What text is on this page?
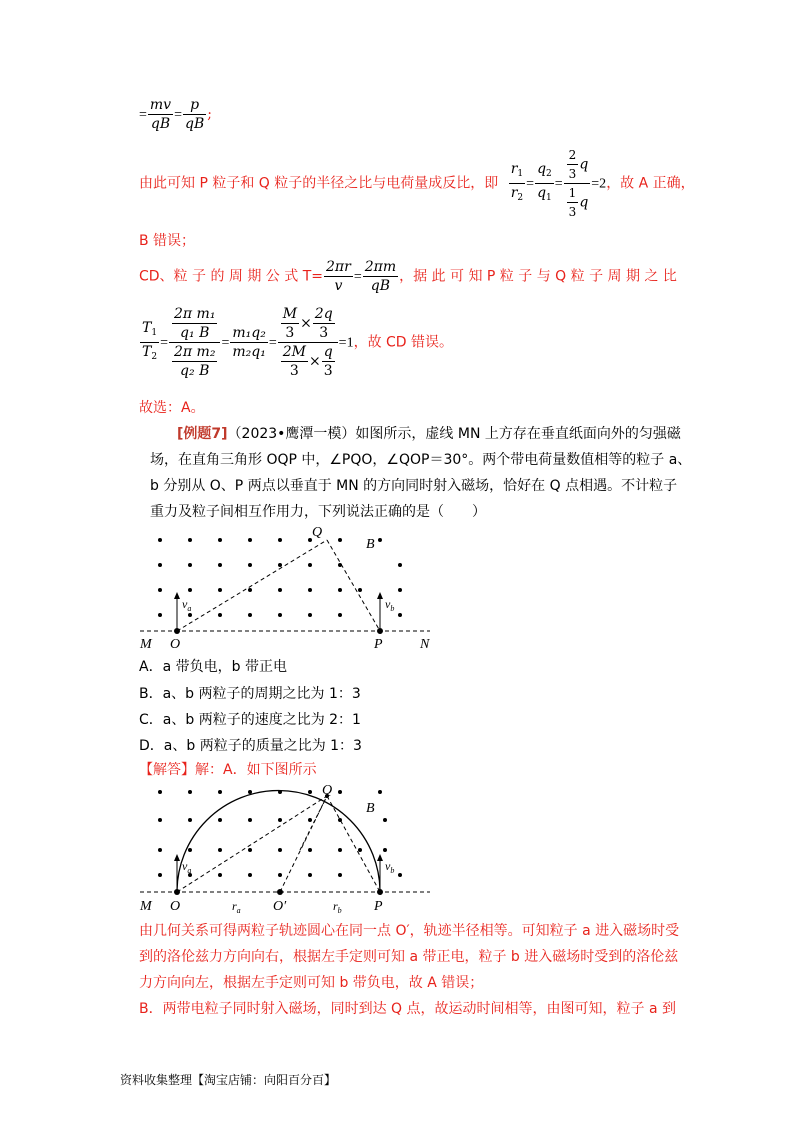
= $\frac{mv}{qB} = \frac{p}{qB}$ ;
由此可知 P 粒子和 Q 粒子的半径之比与电荷量成反比，即 $\frac{r_1}{r_2} = \frac{q_2}{q_1} = \frac{\frac{2}{3} q}{\frac{1}{3} q} =2$，故 A 正确，
B 错误；
CD、粒 子 的 周 期 公 式 $T= \frac{2\pi r}{v} = \frac{2\pi m}{qB}$ ，据 此 可 知 P 粒 子 与 Q 粒 子 周 期 之 比
$\frac{T_1}{T_2} = \frac{\frac{\text{2π m₁}}{\text{q₁ B}}}{\frac{\text{2π m₂}}{\text{q₂ B}}} = \frac{\text{m₁q₂}}{\text{m₂q₁}} = \frac{\frac{M}{3} \times \frac{2q}{3}}{\frac{2M}{3} \times \frac{q}{3}} =1$，故 CD 错误。
故选：A。
[例题7]（2023•鹰潭一模）如图所示，虚线 MN 上方存在垂直纸面向外的匀强磁
场，在直角三角形 OQP 中，∠PQO，∠QOP＝30°。两个带电荷量数值相等的粒子 a、
b 分别从 O、P 两点以垂直于 MN 的方向同时射入磁场，恰好在 Q 点相遇。不计粒子
重力及粒子间相互作用力，下列说法正确的是（　　）
Q
B
$v_a$	$v_b$
M O	P	N
A．a 带负电，b 带正电
B．a、b 两粒子的周期之比为 1：3
C．a、b 两粒子的速度之比为 2：1
D．a、b 两粒子的质量之比为 1：3
【解答】解：A．如下图所示
Q
B
$v_a$	$v_b$
M O	$r_a$ O′	$r_b$ P
由几何关系可得两粒子轨迹圆心在同一点 O′，轨迹半径相等。可知粒子 a 进入磁场时受
到的洛伦兹力方向向右，根据左手定则可知 a 带正电，粒子 b 进入磁场时受到的洛伦兹
力方向向左，根据左手定则可知 b 带负电，故 A 错误；
B．两带电粒子同时射入磁场，同时到达 Q 点，故运动时间相等，由图可知，粒子 a 到
资料收集整理【淘宝店铺：向阳百分百】
